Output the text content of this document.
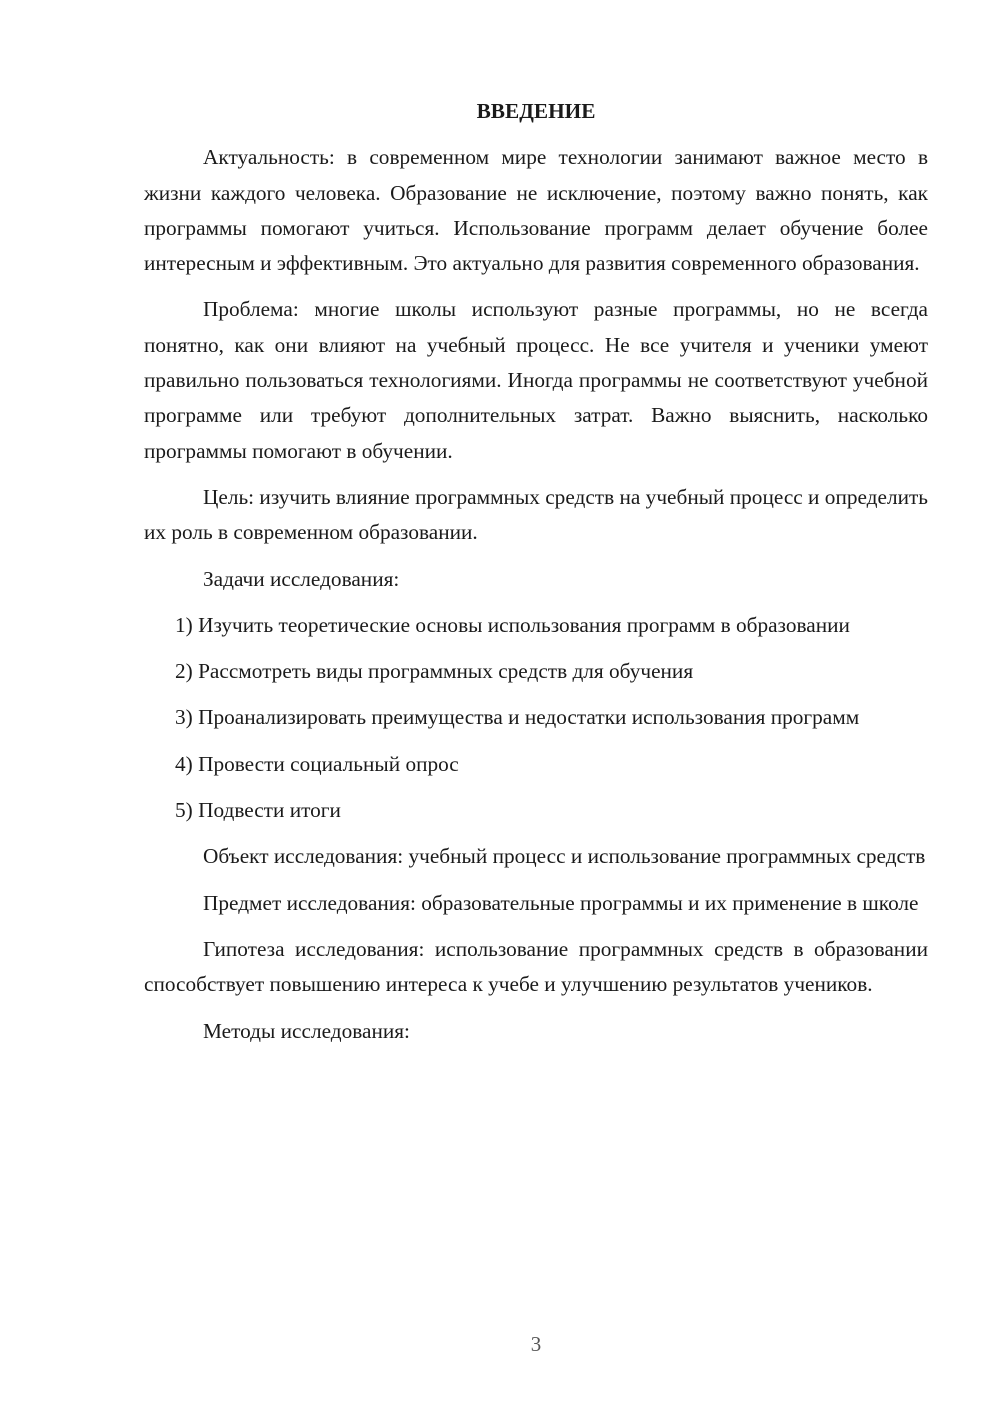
ВВЕДЕНИЕ

Актуальность: в современном мире технологии занимают важное место в жизни каждого человека. Образование не исключение, поэтому важно понять, как программы помогают учиться. Использование программ делает обучение более интересным и эффективным. Это актуально для развития современного образования.

Проблема: многие школы используют разные программы, но не всегда понятно, как они влияют на учебный процесс. Не все учителя и ученики умеют правильно пользоваться технологиями. Иногда программы не соответствуют учебной программе или требуют дополнительных затрат. Важно выяснить, насколько программы помогают в обучении.

Цель: изучить влияние программных средств на учебный процесс и определить их роль в современном образовании.

Задачи исследования:

1) Изучить теоретические основы использования программ в образовании

2) Рассмотреть виды программных средств для обучения

3) Проанализировать преимущества и недостатки использования программ

4) Провести социальный опрос

5) Подвести итоги

Объект исследования: учебный процесс и использование программных средств

Предмет исследования: образовательные программы и их применение в школе

Гипотеза исследования: использование программных средств в образовании способствует повышению интереса к учебе и улучшению результатов учеников.

Методы исследования:

3
